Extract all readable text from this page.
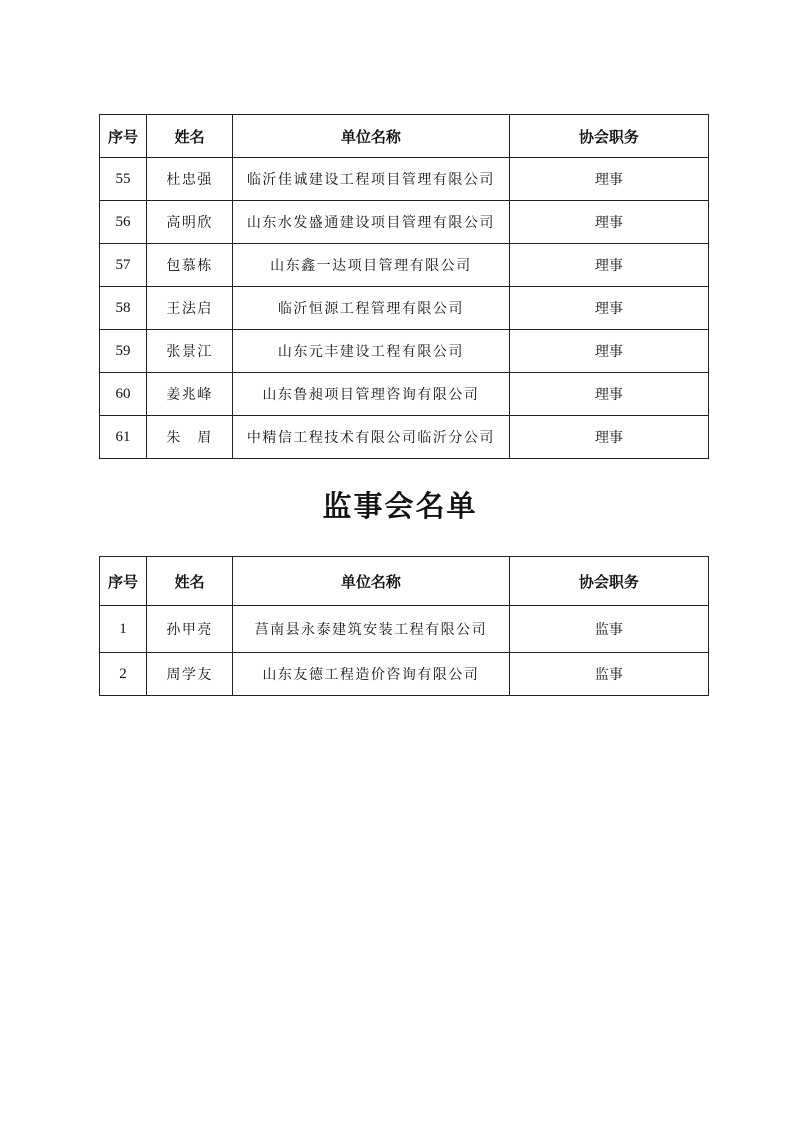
序号	姓名	单位名称	协会职务
55	杜忠强	临沂佳诚建设工程项目管理有限公司	理事
56	高明欣	山东水发盛通建设项目管理有限公司	理事
57	包慕栋	山东鑫一达项目管理有限公司	理事
58	王法启	临沂恒源工程管理有限公司	理事
59	张景江	山东元丰建设工程有限公司	理事
60	姜兆峰	山东鲁昶项目管理咨询有限公司	理事
61	朱　眉	中精信工程技术有限公司临沂分公司	理事
监事会名单
序号	姓名	单位名称	协会职务
1	孙甲亮	莒南县永泰建筑安装工程有限公司	监事
2	周学友	山东友德工程造价咨询有限公司	监事
